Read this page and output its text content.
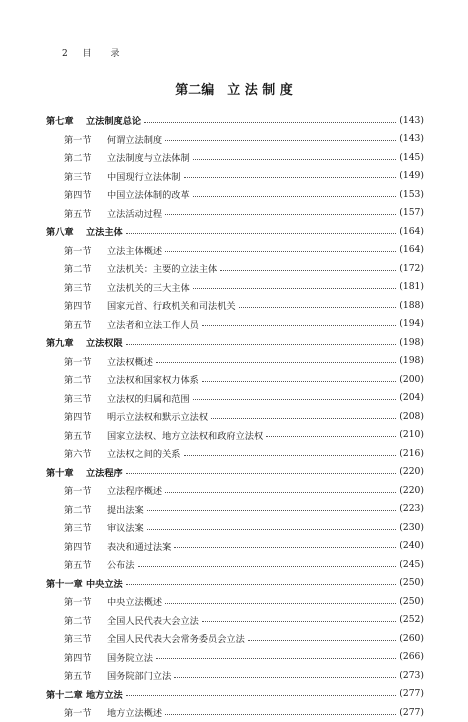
2 目 录
第二编　立 法 制 度
第七章	立法制度总论	(143)
第一节	何谓立法制度	(143)
第二节	立法制度与立法体制	(145)
第三节	中国现行立法体制	(149)
第四节	中国立法体制的改革	(153)
第五节	立法活动过程	(157)
第八章	立法主体	(164)
第一节	立法主体概述	(164)
第二节	立法机关：主要的立法主体	(172)
第三节	立法机关的三大主体	(181)
第四节	国家元首、行政机关和司法机关	(188)
第五节	立法者和立法工作人员	(194)
第九章	立法权限	(198)
第一节	立法权概述	(198)
第二节	立法权和国家权力体系	(200)
第三节	立法权的归属和范围	(204)
第四节	明示立法权和默示立法权	(208)
第五节	国家立法权、地方立法权和政府立法权	(210)
第六节	立法权之间的关系	(216)
第十章	立法程序	(220)
第一节	立法程序概述	(220)
第二节	提出法案	(223)
第三节	审议法案	(230)
第四节	表决和通过法案	(240)
第五节	公布法	(245)
第十一章 中央立法	(250)
第一节	中央立法概述	(250)
第二节	全国人民代表大会立法	(252)
第三节	全国人民代表大会常务委员会立法	(260)
第四节	国务院立法	(266)
第五节	国务院部门立法	(273)
第十二章 地方立法	(277)
第一节	地方立法概述	(277)
